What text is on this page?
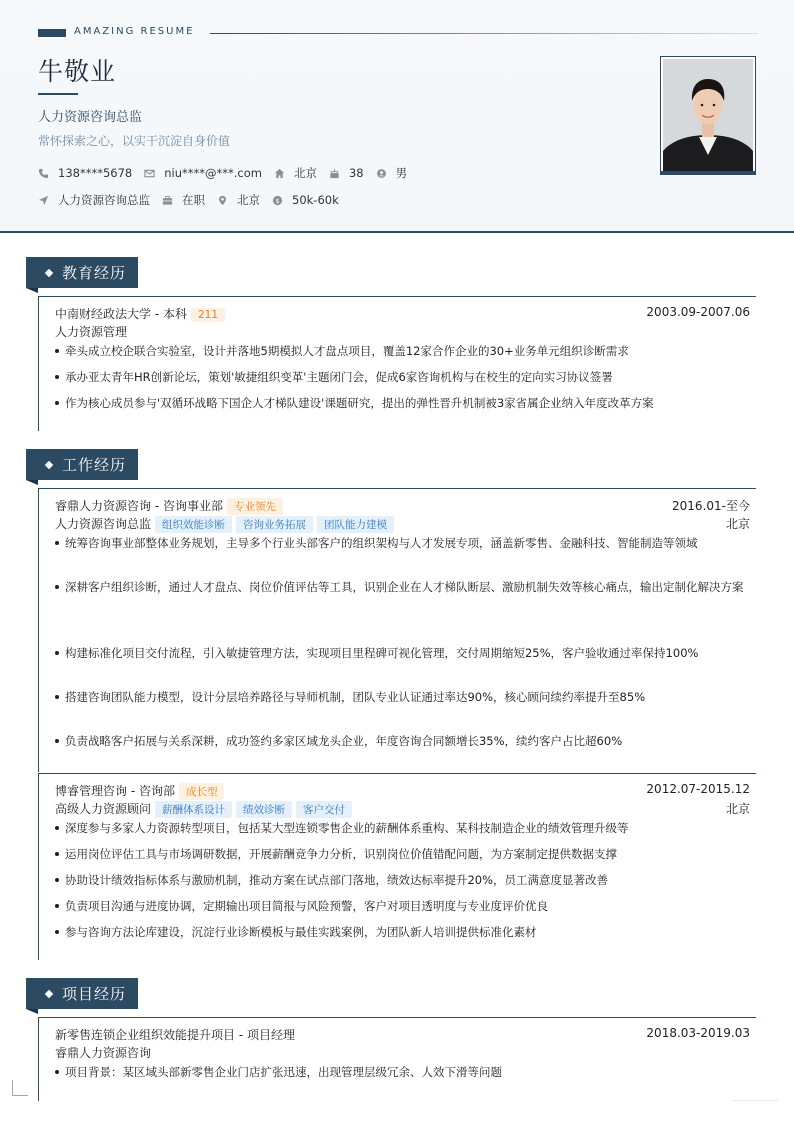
AMAZING RESUME
牛敬业
人力资源咨询总监
常怀探索之心，以实干沉淀自身价值
138****5678	niu****@***.com	北京	38	男
人力资源咨询总监	在职	北京 $ 50k-60k
教育经历
中南财经政法大学 - 本科 211	2003.09-2007.06
人力资源管理
牵头成立校企联合实验室，设计并落地5期模拟人才盘点项目，覆盖12家合作企业的30+业务单元组织诊断需求
承办亚太青年HR创新论坛，策划'敏捷组织变革'主题闭门会，促成6家咨询机构与在校生的定向实习协议签署
作为核心成员参与'双循环战略下国企人才梯队建设'课题研究，提出的弹性晋升机制被3家省属企业纳入年度改革方案
工作经历
睿鼎人力资源咨询 - 咨询事业部 专业领先	2016.01-至今
人力资源咨询总监 组织效能诊断 咨询业务拓展 团队能力建模	北京
统筹咨询事业部整体业务规划，主导多个行业头部客户的组织架构与人才发展专项，涵盖新零售、金融科技、智能制造等领域
深耕客户组织诊断，通过人才盘点、岗位价值评估等工具，识别企业在人才梯队断层、激励机制失效等核心痛点，输出定制化解决方案
构建标准化项目交付流程，引入敏捷管理方法，实现项目里程碑可视化管理，交付周期缩短25%，客户验收通过率保持100%
搭建咨询团队能力模型，设计分层培养路径与导师机制，团队专业认证通过率达90%，核心顾问续约率提升至85%
负责战略客户拓展与关系深耕，成功签约多家区域龙头企业，年度咨询合同额增长35%，续约客户占比超60%
博睿管理咨询 - 咨询部 成长型	2012.07-2015.12
高级人力资源顾问 薪酬体系设计 绩效诊断 客户交付	北京
深度参与多家人力资源转型项目，包括某大型连锁零售企业的薪酬体系重构、某科技制造企业的绩效管理升级等
运用岗位评估工具与市场调研数据，开展薪酬竞争力分析，识别岗位价值错配问题，为方案制定提供数据支撑
协助设计绩效指标体系与激励机制，推动方案在试点部门落地，绩效达标率提升20%，员工满意度显著改善
负责项目沟通与进度协调，定期输出项目简报与风险预警，客户对项目透明度与专业度评价优良
参与咨询方法论库建设，沉淀行业诊断模板与最佳实践案例，为团队新人培训提供标准化素材
项目经历
新零售连锁企业组织效能提升项目 - 项目经理	2018.03-2019.03
睿鼎人力资源咨询
项目背景：某区域头部新零售企业门店扩张迅速，出现管理层级冗余、人效下滑等问题
